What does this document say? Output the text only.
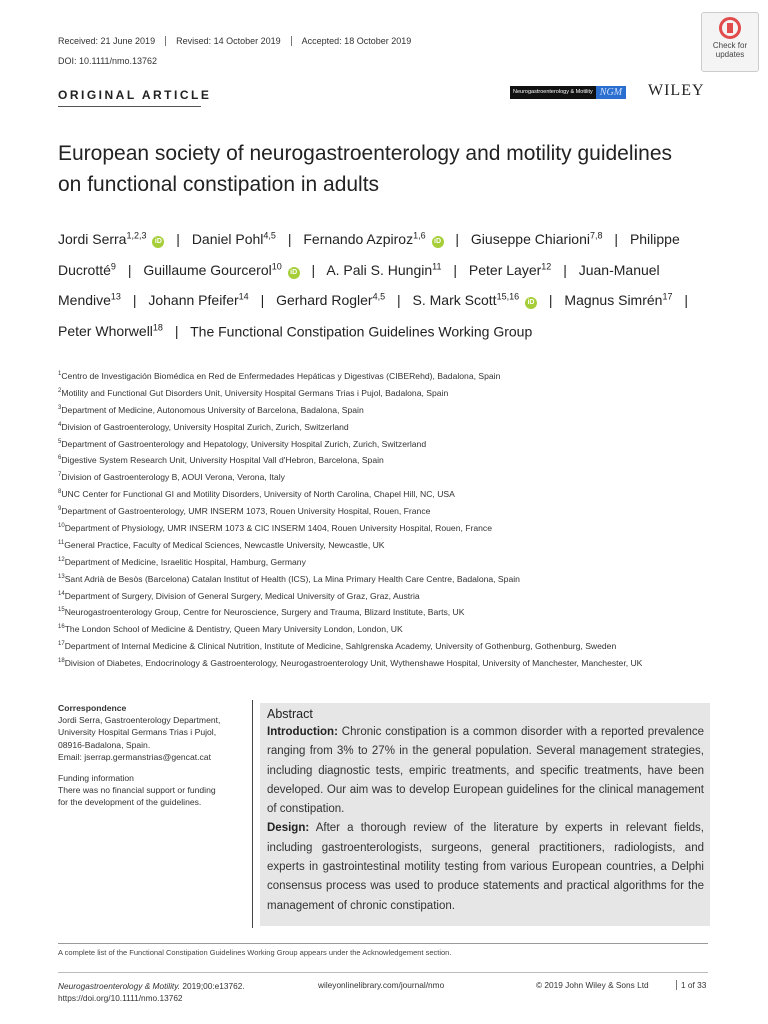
Received: 21 June 2019	Revised: 14 October 2019	Accepted: 18 October 2019
DOI: 10.1111/nmo.13762
ORIGINAL ARTICLE
Check for updates
Neurogastroenterology & Motility NGM WILEY
European society of neurogastroenterology and motility guidelines on functional constipation in adults
Jordi Serra$^{1,2,3}$ iD | Daniel Pohl$^{4,5}$ | Fernando Azpiroz$^{1,6}$ iD | Giuseppe Chiarioni$^{7,8}$ | Philippe Ducrotté$^9$ | Guillaume Gourcerol$^{10}$ iD | A. Pali S. Hungin$^{11}$ | Peter Layer$^{12}$ | Juan-Manuel Mendive$^{13}$ | Johann Pfeifer$^{14}$ | Gerhard Rogler$^{4,5}$ | S. Mark Scott$^{15,16}$ iD | Magnus Simrén$^{17}$ | Peter Whorwell$^{18}$ | The Functional Constipation Guidelines Working Group
$^1$Centro de Investigación Biomédica en Red de Enfermedades Hepáticas y Digestivas (CIBERehd), Badalona, Spain
$^2$Motility and Functional Gut Disorders Unit, University Hospital Germans Trias i Pujol, Badalona, Spain
$^3$Department of Medicine, Autonomous University of Barcelona, Badalona, Spain
$^4$Division of Gastroenterology, University Hospital Zurich, Zurich, Switzerland
$^5$Department of Gastroenterology and Hepatology, University Hospital Zurich, Zurich, Switzerland
$^6$Digestive System Research Unit, University Hospital Vall d'Hebron, Barcelona, Spain
$^7$Division of Gastroenterology B, AOUI Verona, Verona, Italy
$^8$UNC Center for Functional GI and Motility Disorders, University of North Carolina, Chapel Hill, NC, USA
$^9$Department of Gastroenterology, UMR INSERM 1073, Rouen University Hospital, Rouen, France
$^{10}$Department of Physiology, UMR INSERM 1073 & CIC INSERM 1404, Rouen University Hospital, Rouen, France
$^{11}$General Practice, Faculty of Medical Sciences, Newcastle University, Newcastle, UK
$^{12}$Department of Medicine, Israelitic Hospital, Hamburg, Germany
$^{13}$Sant Adrià de Besòs (Barcelona) Catalan Institut of Health (ICS), La Mina Primary Health Care Centre, Badalona, Spain
$^{14}$Department of Surgery, Division of General Surgery, Medical University of Graz, Graz, Austria
$^{15}$Neurogastroenterology Group, Centre for Neuroscience, Surgery and Trauma, Blizard Institute, Barts, UK
$^{16}$The London School of Medicine & Dentistry, Queen Mary University London, London, UK
$^{17}$Department of Internal Medicine & Clinical Nutrition, Institute of Medicine, Sahlgrenska Academy, University of Gothenburg, Gothenburg, Sweden
$^{18}$Division of Diabetes, Endocrinology & Gastroenterology, Neurogastroenterology Unit, Wythenshawe Hospital, University of Manchester, Manchester, UK
Correspondence
Jordi Serra, Gastroenterology Department,
University Hospital Germans Trias i Pujol,
08916-Badalona, Spain.
Email: jserrap.germanstrias@gencat.cat
Funding information
There was no financial support or funding
for the development of the guidelines.
Abstract

Introduction: Chronic constipation is a common disorder with a reported prevalence ranging from 3% to 27% in the general population. Several management strategies, including diagnostic tests, empiric treatments, and specific treatments, have been developed. Our aim was to develop European guidelines for the clinical management of constipation.

Design: After a thorough review of the literature by experts in relevant fields, including gastroenterologists, surgeons, general practitioners, radiologists, and experts in gastrointestinal motility testing from various European countries, a Delphi consensus process was used to produce statements and practical algorithms for the management of chronic constipation.

A complete list of the Functional Constipation Guidelines Working Group appears under the Acknowledgement section.
Neurogastroenterology & Motility. 2019;00:e13762.
https://doi.org/10.1111/nmo.13762
wileyonlinelibrary.com/journal/nmo	© 2019 John Wiley & Sons Ltd	1 of 33
